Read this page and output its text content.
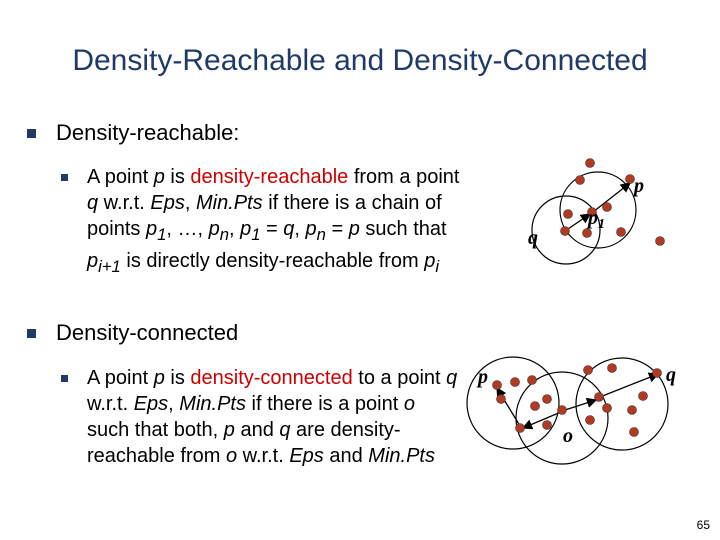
Density-Reachable and Density-Connected
Density-reachable:
A point p is density-reachable from a point q w.r.t. Eps, Min.Pts if there is a chain of points $p_1$, …, $p_n$, $p_1 = q$, $p_n = p$ such that $p_{i+1}$ is directly density-reachable from $p_i$
Density-connected
A point p is density-connected to a point q w.r.t. Eps, Min.Pts if there is a point o such that both, p and q are density-reachable from o w.r.t. Eps and Min.Pts
p
q
$p_1$
p	q
o
65
